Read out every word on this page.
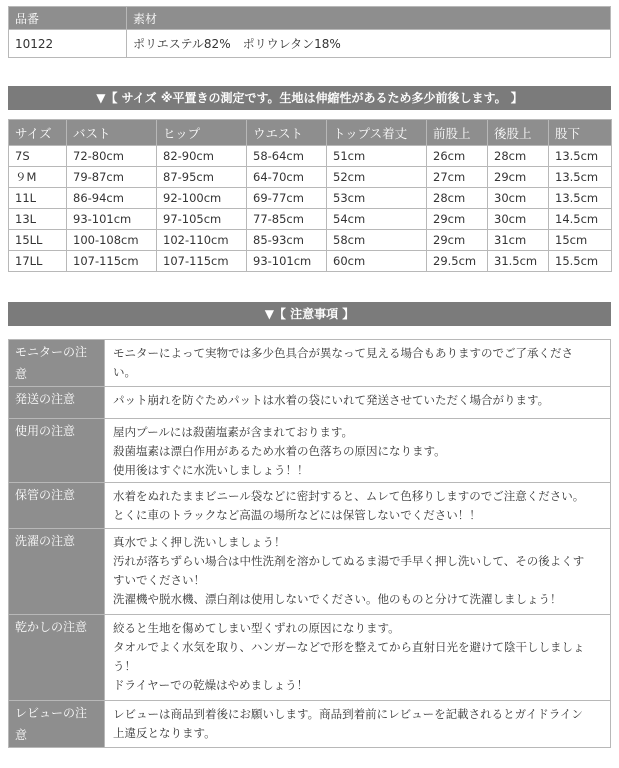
品番	素材
10122	ポリエステル82%　ポリウレタン18%
▼【 サイズ ※平置きの測定です。生地は伸縮性があるため多少前後します。 】
サイズ	バスト	ヒップ	ウエスト	トップス着丈	前股上	後股上	股下
7S	72-80cm	82-90cm	58-64cm	51cm	26cm	28cm	13.5cm
９M	79-87cm	87-95cm	64-70cm	52cm	27cm	29cm	13.5cm
11L	86-94cm	92-100cm	69-77cm	53cm	28cm	30cm	13.5cm
13L	93-101cm	97-105cm	77-85cm	54cm	29cm	30cm	14.5cm
15LL	100-108cm	102-110cm	85-93cm	58cm	29cm	31cm	15cm
17LL	107-115cm	107-115cm	93-101cm	60cm	29.5cm	31.5cm	15.5cm
▼【 注意事項 】
モニターの注
意	モニターによって実物では多少色具合が異なって見える場合もありますのでご了承くださ
い。

発送の注意	パット崩れを防ぐためパットは水着の袋にいれて発送させていただく場合がります。

使用の注意	屋内プールには殺菌塩素が含まれております。
殺菌塩素は漂白作用があるため水着の色落ちの原因になります。
使用後はすぐに水洗いしましょう！！

保管の注意	水着をぬれたままビニール袋などに密封すると、ムレて色移りしますのでご注意ください。
とくに車のトラックなど高温の場所などには保管しないでください！！

洗濯の注意	真水でよく押し洗いしましょう！
汚れが落ちずらい場合は中性洗剤を溶かしてぬるま湯で手早く押し洗いして、その後よくす
すいでください！
洗濯機や脱水機、漂白剤は使用しないでください。他のものと分けて洗濯しましょう！

乾かしの注意	絞ると生地を傷めてしまい型くずれの原因になります。
タオルでよく水気を取り、ハンガーなどで形を整えてから直射日光を避けて陰干ししましょ
う！
ドライヤーでの乾燥はやめましょう！

レビューの注
意	レビューは商品到着後にお願いします。商品到着前にレビューを記載されるとガイドライン
上違反となります。
